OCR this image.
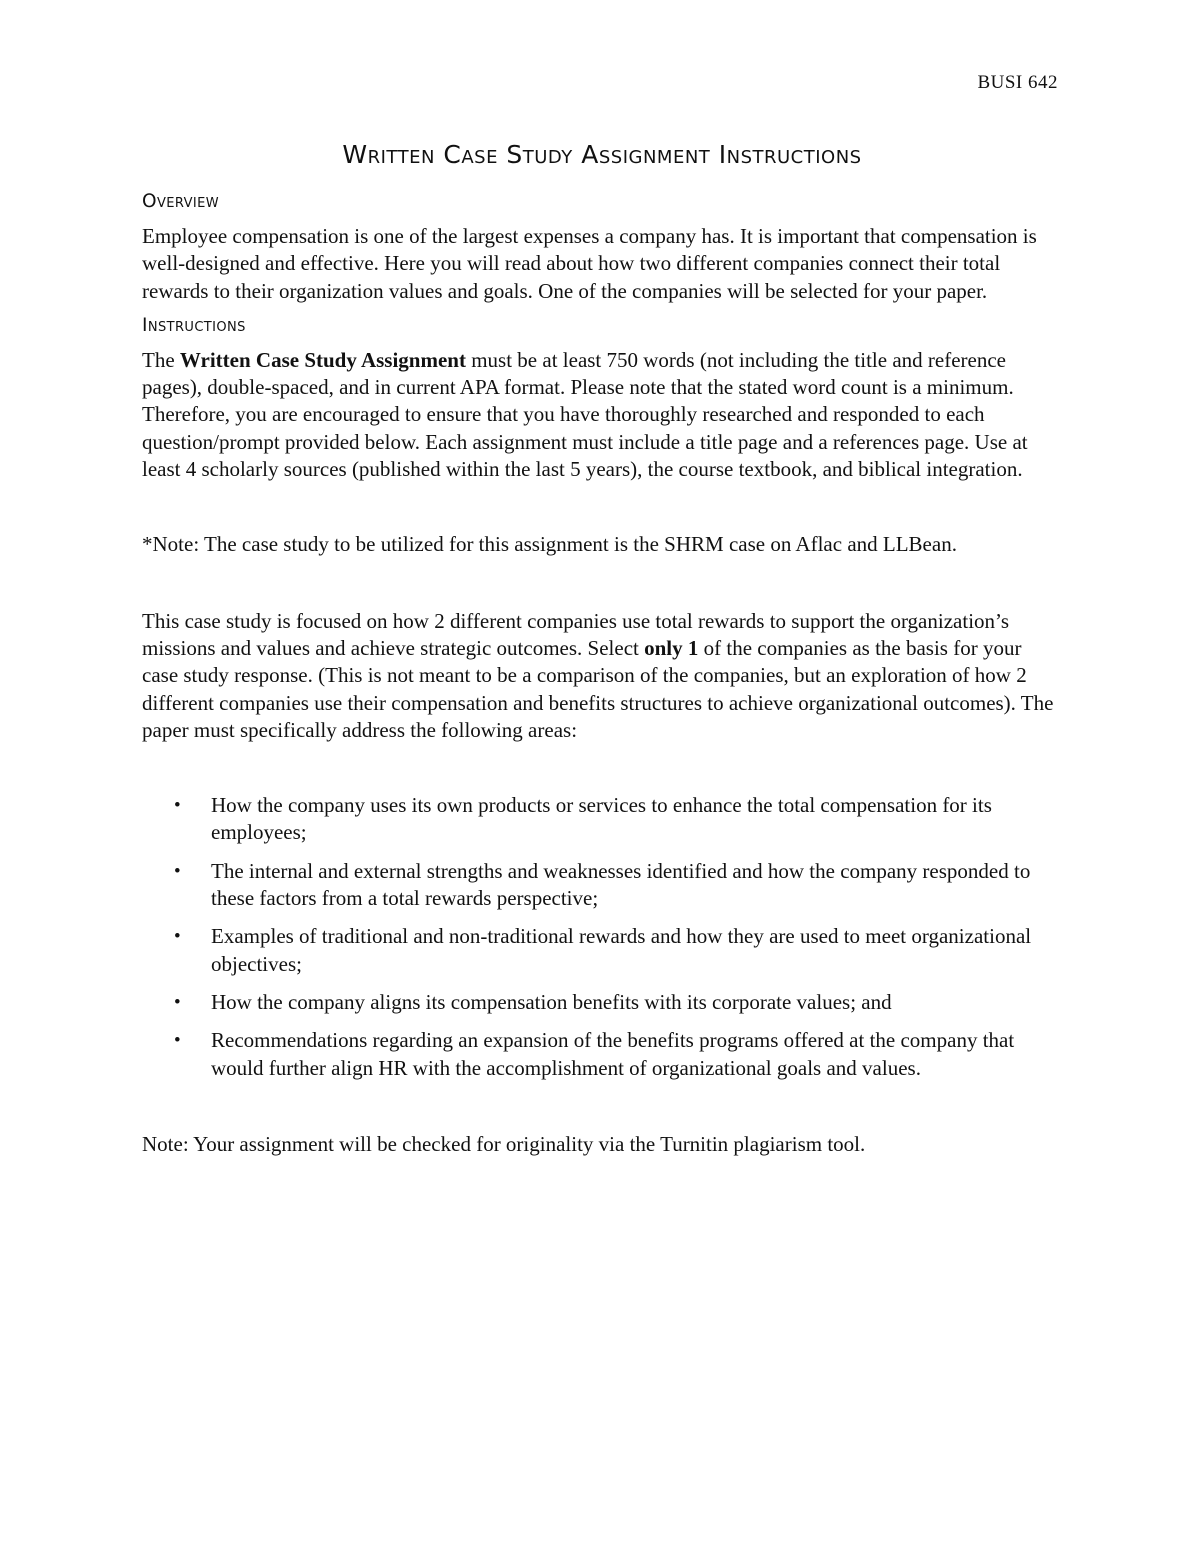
BUSI 642
Written Case Study Assignment Instructions
Overview

Employee compensation is one of the largest expenses a company has. It is important that compensation is well-designed and effective. Here you will read about how two different companies connect their total rewards to their organization values and goals. One of the companies will be selected for your paper.

Instructions

The Written Case Study Assignment must be at least 750 words (not including the title and reference pages), double-spaced, and in current APA format. Please note that the stated word count is a minimum. Therefore, you are encouraged to ensure that you have thoroughly researched and responded to each question/prompt provided below. Each assignment must include a title page and a references page. Use at least 4 scholarly sources (published within the last 5 years), the course textbook, and biblical integration.

*Note: The case study to be utilized for this assignment is the SHRM case on Aflac and LLBean.

This case study is focused on how 2 different companies use total rewards to support the organization’s missions and values and achieve strategic outcomes. Select only 1 of the companies as the basis for your case study response. (This is not meant to be a comparison of the companies, but an exploration of how 2 different companies use their compensation and benefits structures to achieve organizational outcomes). The paper must specifically address the following areas:

• How the company uses its own products or services to enhance the total compensation for its employees;
• The internal and external strengths and weaknesses identified and how the company responded to these factors from a total rewards perspective;
• Examples of traditional and non-traditional rewards and how they are used to meet organizational objectives;
• How the company aligns its compensation benefits with its corporate values; and
• Recommendations regarding an expansion of the benefits programs offered at the company that would further align HR with the accomplishment of organizational goals and values.

Note: Your assignment will be checked for originality via the Turnitin plagiarism tool.
